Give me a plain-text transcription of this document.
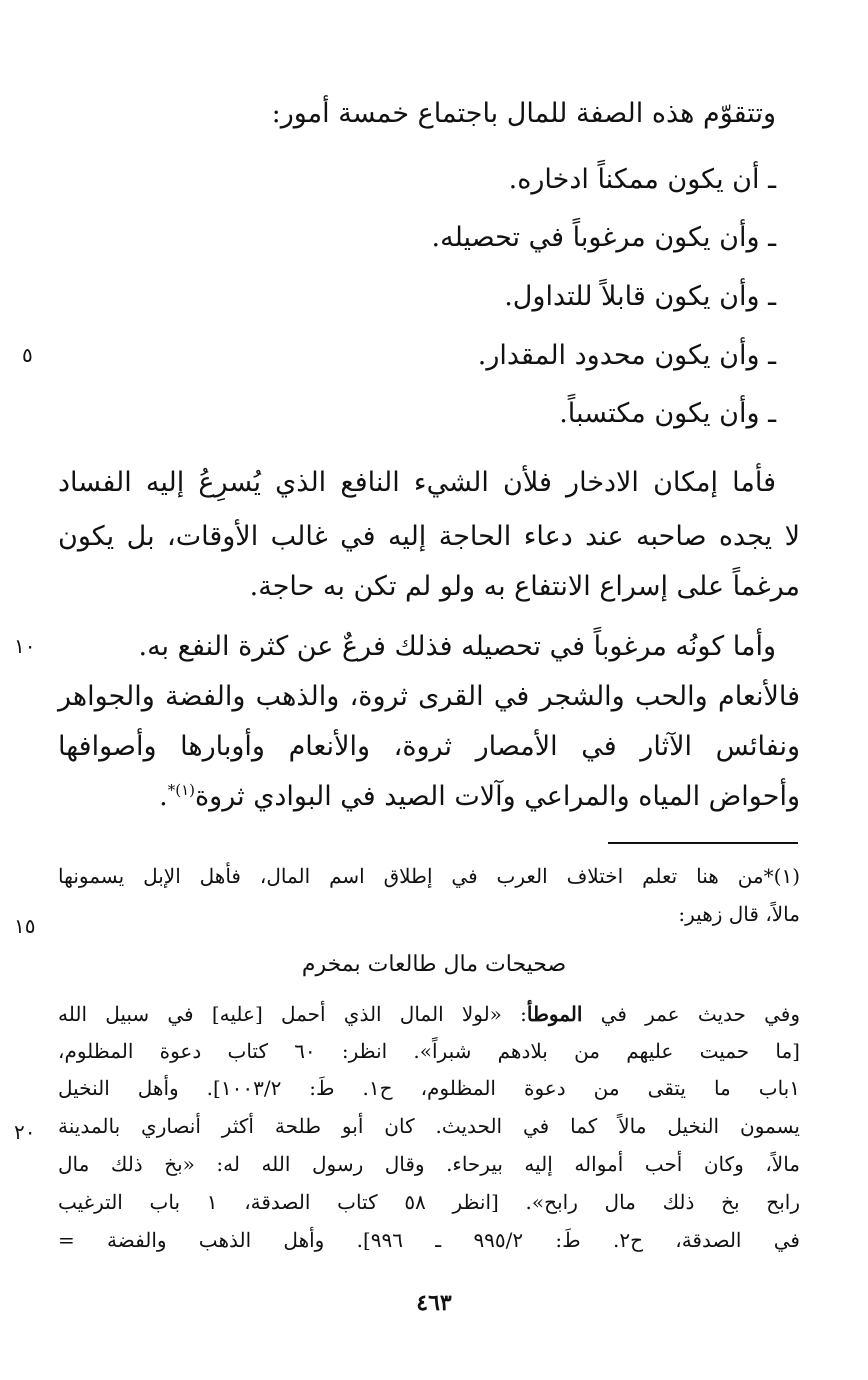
وتتقوّم هذه الصفة للمال باجتماع خمسة أمور:
ـ أن يكون ممكناً ادخاره.
ـ وأن يكون مرغوباً في تحصيله.
ـ وأن يكون قابلاً للتداول.
ـ وأن يكون محدود المقدار.
ـ وأن يكون مكتسباً.
فأما إمكان الادخار فلأن الشيء النافع الذي يُسرِعُ إليه الفساد
لا يجده صاحبه عند دعاء الحاجة إليه في غالب الأوقات، بل يكون
مرغماً على إسراع الانتفاع به ولو لم تكن به حاجة.
وأما كونُه مرغوباً في تحصيله فذلك فرعٌ عن كثرة النفع به.
فالأنعام والحب والشجر في القرى ثروة، والذهب والفضة والجواهر
ونفائس الآثار في الأمصار ثروة، والأنعام وأوبارها وأصوافها
وأحواض المياه والمراعي وآلات الصيد في البوادي ثروة$^{(١)*}$.
(١)*من هنا تعلم اختلاف العرب في إطلاق اسم المال، فأهل الإبل يسمونها
مالاً، قال زهير:
صحيحات مال طالعات بمخرم
وفي حديث عمر في الموطأ: «لولا المال الذي أحمل [عليه] في سبيل الله
[ما حميت عليهم من بلادهم شبراً». انظر: ٦٠ كتاب دعوة المظلوم،
١باب ما يتقى من دعوة المظلوم، ح١. طَ: ١٠٠٣/٢]. وأهل النخيل
يسمون النخيل مالاً كما في الحديث. كان أبو طلحة أكثر أنصاري بالمدينة
مالاً، وكان أحب أمواله إليه بيرحاء. وقال رسول الله له: «بخ ذلك مال
رابح بخ ذلك مال رابح». [انظر ٥٨ كتاب الصدقة، ١ باب الترغيب
في الصدقة، ح٢. طَ: ٩٩٥/٢ ـ ٩٩٦]. وأهل الذهب والفضة =
٥
١٠
١٥
٢٠
٤٦٣
